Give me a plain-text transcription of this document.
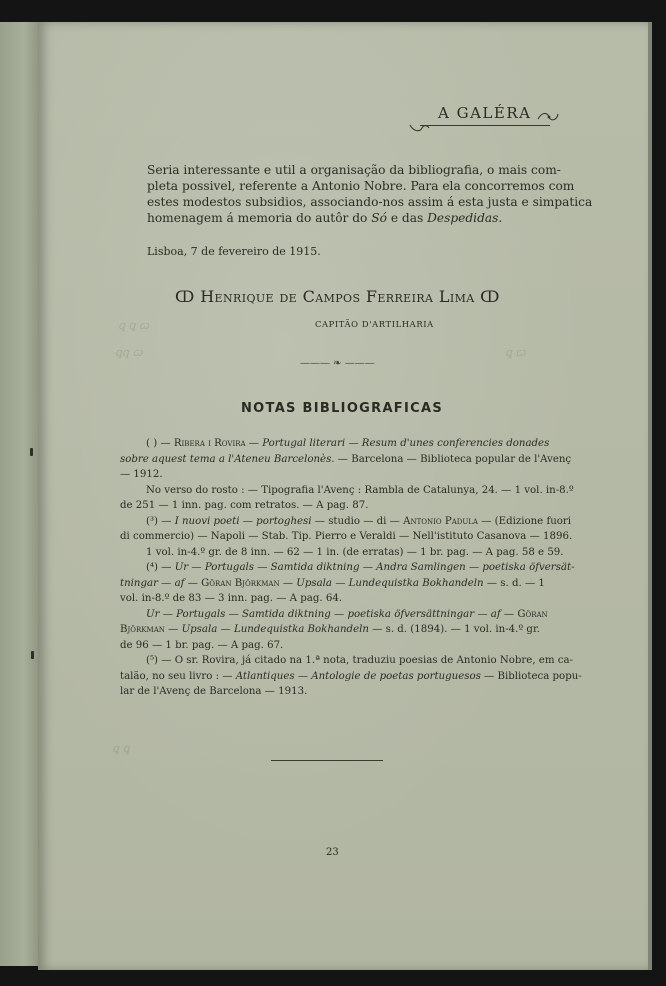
ꝗ ꝗ ꞷ
ꝗꝗ ꞷ	ꝗ ꞷ
ꝗ ꝗ
A GALÉRA
Seria interessante e util a organisação da bibliografia, o mais com-
pleta possivel, referente a Antonio Nobre. Para ela concorremos com
estes modestos subsidios, associando-nos assim á esta justa e simpatica
homenagem á memoria do autôr do Só e das Despedidas.
Lisboa, 7 de fevereiro de 1915.
ↀ Henrique de Campos Ferreira Lima ↀ
CAPITÃO D'ARTILHARIA
——— ❧ ———
NOTAS BIBLIOGRAFICAS
( ) — Ribera i Rovira — Portugal literari — Resum d'unes conferencies donades
sobre aquest tema a l'Ateneu Barcelonès. — Barcelona — Biblioteca popular de l'Avenç
— 1912.
No verso do rosto : — Tipografia l'Avenç : Rambla de Catalunya, 24. — 1 vol. in-8.º
de 251 — 1 inn. pag. com retratos. — A pag. 87.
(³) — I nuovi poeti — portoghesi — studio — di — Antonio Padula — (Edizione fuori
di commercio) — Napoli — Stab. Tip. Pierro e Veraldi — Nell'istituto Casanova — 1896.
1 vol. in-4.º gr. de 8 inn. — 62 — 1 in. (de erratas) — 1 br. pag. — A pag. 58 e 59.
(⁴) — Ur — Portugals — Samtida diktning — Andra Samlingen — poetiska öfversät-
tningar — af — Göran Björkman — Upsala — Lundequistka Bokhandeln — s. d. — 1
vol. in-8.º de 83 — 3 inn. pag. — A pag. 64.
Ur — Portugals — Samtida diktning — poetiska öfversättningar — af — Göran
Björkman — Upsala — Lundequistka Bokhandeln — s. d. (1894). — 1 vol. in-4.º gr.
de 96 — 1 br. pag. — A pag. 67.
(⁵) — O sr. Rovira, já citado na 1.ª nota, traduziu poesias de Antonio Nobre, em ca-
talão, no seu livro : — Atlantiques — Antologie de poetas portuguesos — Biblioteca popu-
lar de l'Avenç de Barcelona — 1913.
23
